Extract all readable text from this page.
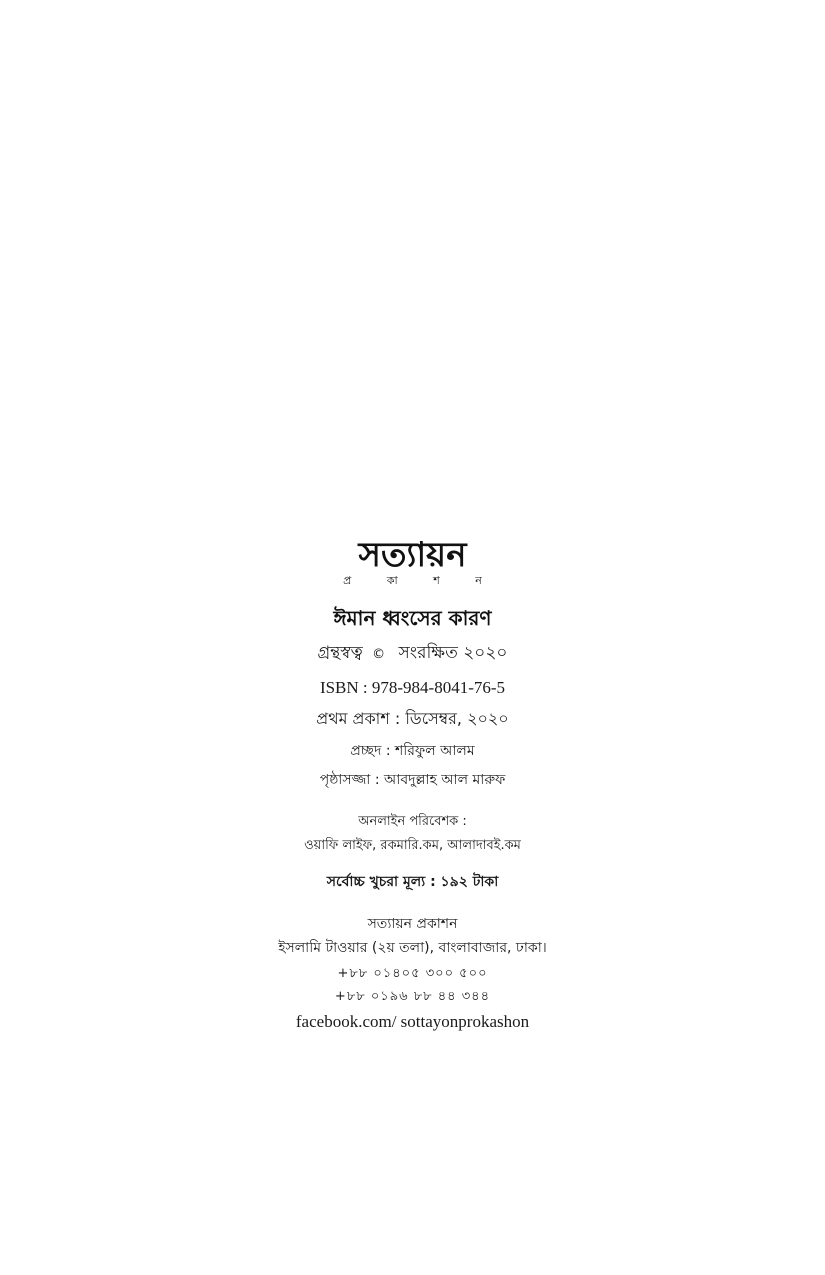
সত্যায়ন
প্র কা শ ন
ঈমান ধ্বংসের কারণ
গ্রন্থস্বত্ব © সংরক্ষিত ২০২০
ISBN : 978-984-8041-76-5
প্রথম প্রকাশ : ডিসেম্বর, ২০২০
প্রচ্ছদ : শরিফুল আলম
পৃষ্ঠাসজ্জা : আবদুল্লাহ আল মারুফ
অনলাইন পরিবেশক :
ওয়াফি লাইফ, রকমারি.কম, আলাদাবই.কম
সর্বোচ্চ খুচরা মূল্য : ১৯২ টাকা
সত্যায়ন প্রকাশন
ইসলামি টাওয়ার (২য় তলা), বাংলাবাজার, ঢাকা।
+৮৮ ০১৪০৫ ৩০০ ৫০০
+৮৮ ০১৯৬ ৮৮ ৪৪ ৩৪৪
facebook.com/ sottayonprokashon
